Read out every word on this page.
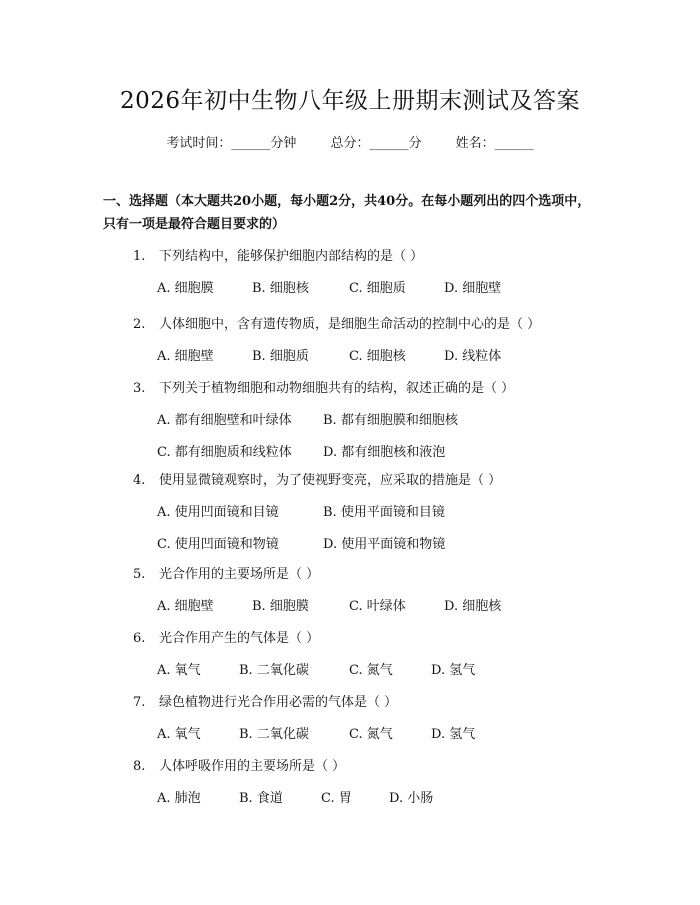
2026年初中生物八年级上册期末测试及答案
考试时间：______分钟	总分：______分	姓名：______
一、选择题（本大题共20小题，每小题2分，共40分。在每小题列出的四个选项中，只有一项是最符合题目要求的）
1. 下列结构中，能够保护细胞内部结构的是（ ）
A. 细胞膜	B. 细胞核	C. 细胞质	D. 细胞壁
2. 人体细胞中，含有遗传物质，是细胞生命活动的控制中心的是（ ）
A. 细胞壁	B. 细胞质	C. 细胞核	D. 线粒体
3. 下列关于植物细胞和动物细胞共有的结构，叙述正确的是（ ）
A. 都有细胞壁和叶绿体 B. 都有细胞膜和细胞核
C. 都有细胞质和线粒体 D. 都有细胞核和液泡
4. 使用显微镜观察时，为了使视野变亮，应采取的措施是（ ）
A. 使用凹面镜和目镜	B. 使用平面镜和目镜
C. 使用凹面镜和物镜	D. 使用平面镜和物镜
5. 光合作用的主要场所是（ ）
A. 细胞壁	B. 细胞膜	C. 叶绿体	D. 细胞核
6. 光合作用产生的气体是（ ）
A. 氧气	B. 二氧化碳	C. 氮气	D. 氢气
7. 绿色植物进行光合作用必需的气体是（ ）
A. 氧气	B. 二氧化碳	C. 氮气	D. 氢气
8. 人体呼吸作用的主要场所是（ ）
A. 肺泡	B. 食道	C. 胃	D. 小肠
